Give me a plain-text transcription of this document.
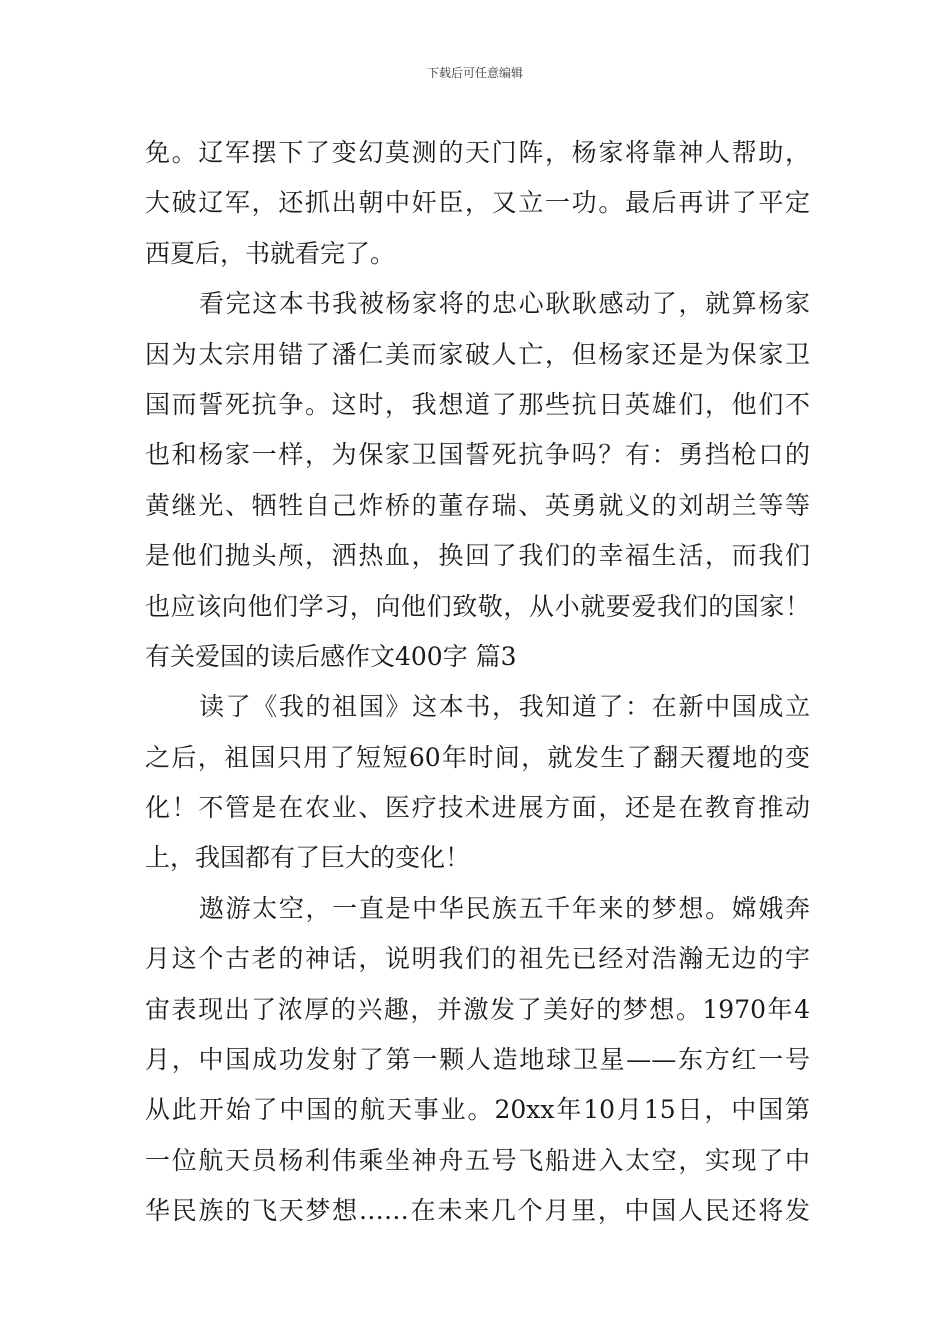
下载后可任意编辑
免。辽军摆下了变幻莫测的天门阵，杨家将靠神人帮助，
大破辽军，还抓出朝中奸臣，又立一功。最后再讲了平定
西夏后，书就看完了。
看完这本书我被杨家将的忠心耿耿感动了，就算杨家
因为太宗用错了潘仁美而家破人亡，但杨家还是为保家卫
国而誓死抗争。这时，我想道了那些抗日英雄们，他们不
也和杨家一样，为保家卫国誓死抗争吗？有：勇挡枪口的
黄继光、牺牲自己炸桥的董存瑞、英勇就义的刘胡兰等等
是他们抛头颅，洒热血，换回了我们的幸福生活，而我们
也应该向他们学习，向他们致敬，从小就要爱我们的国家！
有关爱国的读后感作文400字 篇3
读了《我的祖国》这本书，我知道了：在新中国成立
之后，祖国只用了短短60年时间，就发生了翻天覆地的变
化！不管是在农业、医疗技术进展方面，还是在教育推动
上，我国都有了巨大的变化！
遨游太空，一直是中华民族五千年来的梦想。嫦娥奔
月这个古老的神话，说明我们的祖先已经对浩瀚无边的宇
宙表现出了浓厚的兴趣，并激发了美好的梦想。1970年4
月，中国成功发射了第一颗人造地球卫星——东方红一号
从此开始了中国的航天事业。20xx年10月15日，中国第
一位航天员杨利伟乘坐神舟五号飞船进入太空，实现了中
华民族的飞天梦想……在未来几个月里，中国人民还将发
